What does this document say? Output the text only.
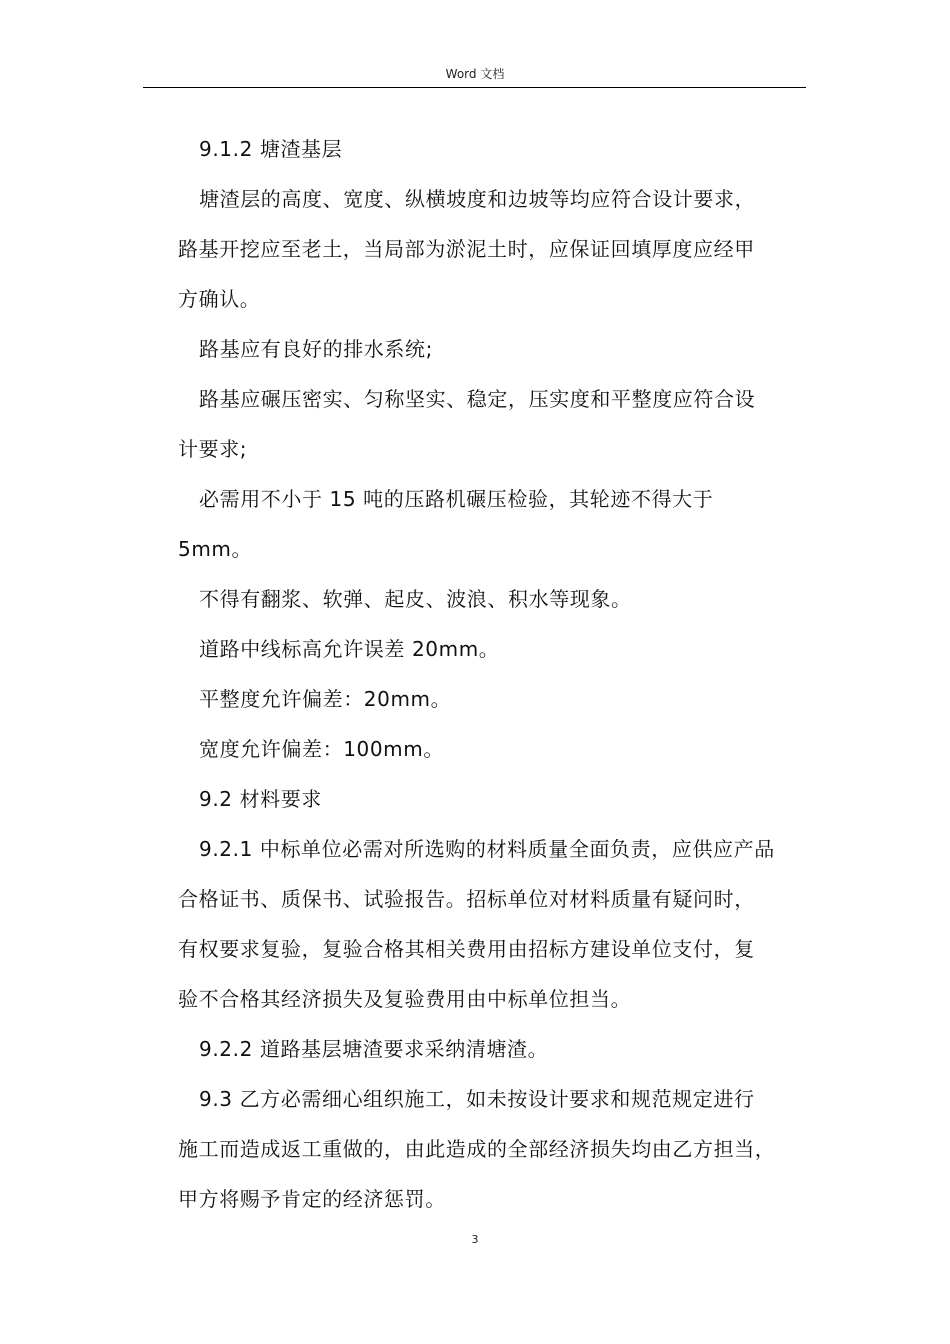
Word 文档
9.1.2 塘渣基层
塘渣层的高度、宽度、纵横坡度和边坡等均应符合设计要求，
路基开挖应至老土，当局部为淤泥土时，应保证回填厚度应经甲
方确认。
路基应有良好的排水系统;
路基应碾压密实、匀称坚实、稳定，压实度和平整度应符合设
计要求;
必需用不小于 15 吨的压路机碾压检验，其轮迹不得大于
5mm。
不得有翻浆、软弹、起皮、波浪、积水等现象。
道路中线标高允许误差 20mm。
平整度允许偏差：20mm。
宽度允许偏差：100mm。
9.2 材料要求
9.2.1 中标单位必需对所选购的材料质量全面负责，应供应产品
合格证书、质保书、试验报告。招标单位对材料质量有疑问时，
有权要求复验，复验合格其相关费用由招标方建设单位支付，复
验不合格其经济损失及复验费用由中标单位担当。
9.2.2 道路基层塘渣要求采纳清塘渣。
9.3 乙方必需细心组织施工，如未按设计要求和规范规定进行
施工而造成返工重做的，由此造成的全部经济损失均由乙方担当，
甲方将赐予肯定的经济惩罚。
3
